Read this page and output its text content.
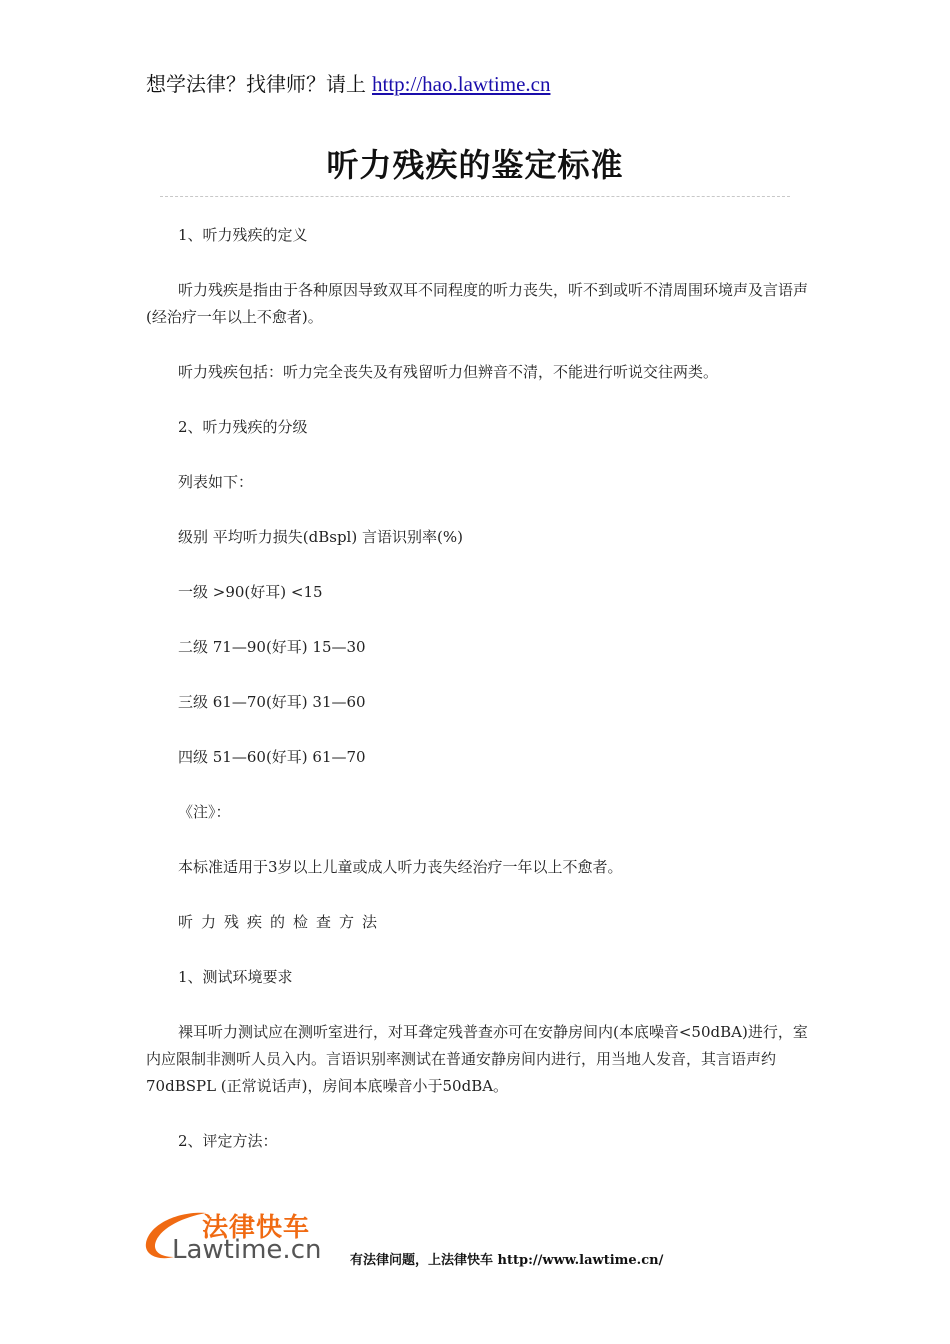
想学法律？找律师？请上 http://hao.lawtime.cn
听力残疾的鉴定标准

1、听力残疾的定义

听力残疾是指由于各种原因导致双耳不同程度的听力丧失，听不到或听不清周围环境声及言语声(经治疗一年以上不愈者)。

听力残疾包括：听力完全丧失及有残留听力但辨音不清，不能进行听说交往两类。

2、听力残疾的分级

列表如下：

级别 平均听力损失(dBspl) 言语识别率(%)

一级 >90(好耳) <15

二级 71—90(好耳) 15—30

三级 61—70(好耳) 31—60

四级 51—60(好耳) 61—70

《注》：

本标准适用于3岁以上儿童或成人听力丧失经治疗一年以上不愈者。

听力残疾的检查方法

1、测试环境要求

裸耳听力测试应在测听室进行，对耳聋定残普查亦可在安静房间内(本底噪音<50dBA)进行，室内应限制非测听人员入内。言语识别率测试在普通安静房间内进行，用当地人发音，其言语声约70dBSPL (正常说话声)，房间本底噪音小于50dBA。

2、评定方法：

法律快车
Lawtime.cn 有法律问题，上法律快车 http://www.lawtime.cn/
